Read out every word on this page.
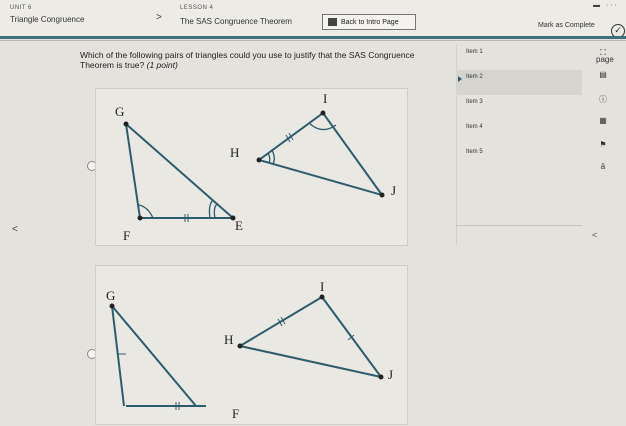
UNIT 6
Triangle Congruence	>
LESSON 4
The SAS Congruence Theorem	Back to Intro Page
▬ ···
Mark as Complete	✓
Which of the following pairs of triangles could you use to justify that the SAS Congruence Theorem is true? (1 point)
<
G
F
E
I
H
J
G
F
I
H
J
Item 1
Item 2
Item 3
Item 4
Item 5
<
⛶
page
▤
ⓘ
▦
⚑
ā
